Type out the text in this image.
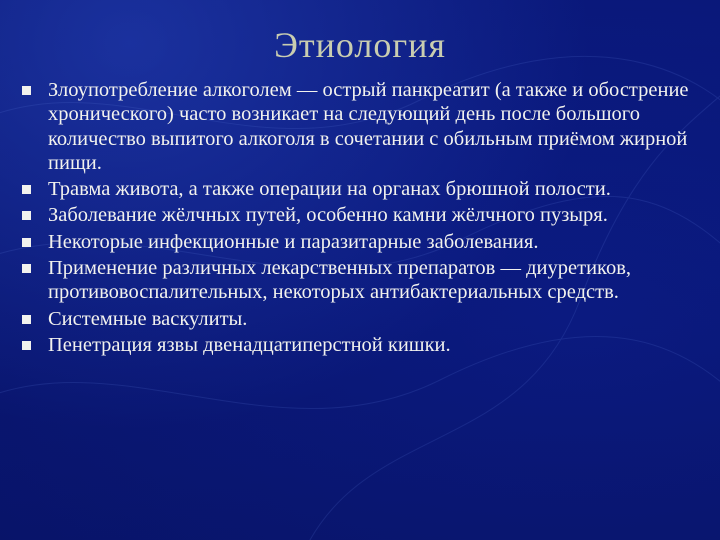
Этиология
Злоупотребление алкоголем — острый панкреатит (а также и обострение хронического) часто возникает на следующий день после большого количество выпитого алкоголя в сочетании с обильным приёмом жирной пищи.
Травма живота, а также операции на органах брюшной полости.
Заболевание жёлчных путей, особенно камни жёлчного пузыря.
Некоторые инфекционные и паразитарные заболевания.
Применение различных лекарственных препаратов — диуретиков, противовоспалительных, некоторых антибактериальных средств.
Системные васкулиты.
Пенетрация язвы двенадцатиперстной кишки.
